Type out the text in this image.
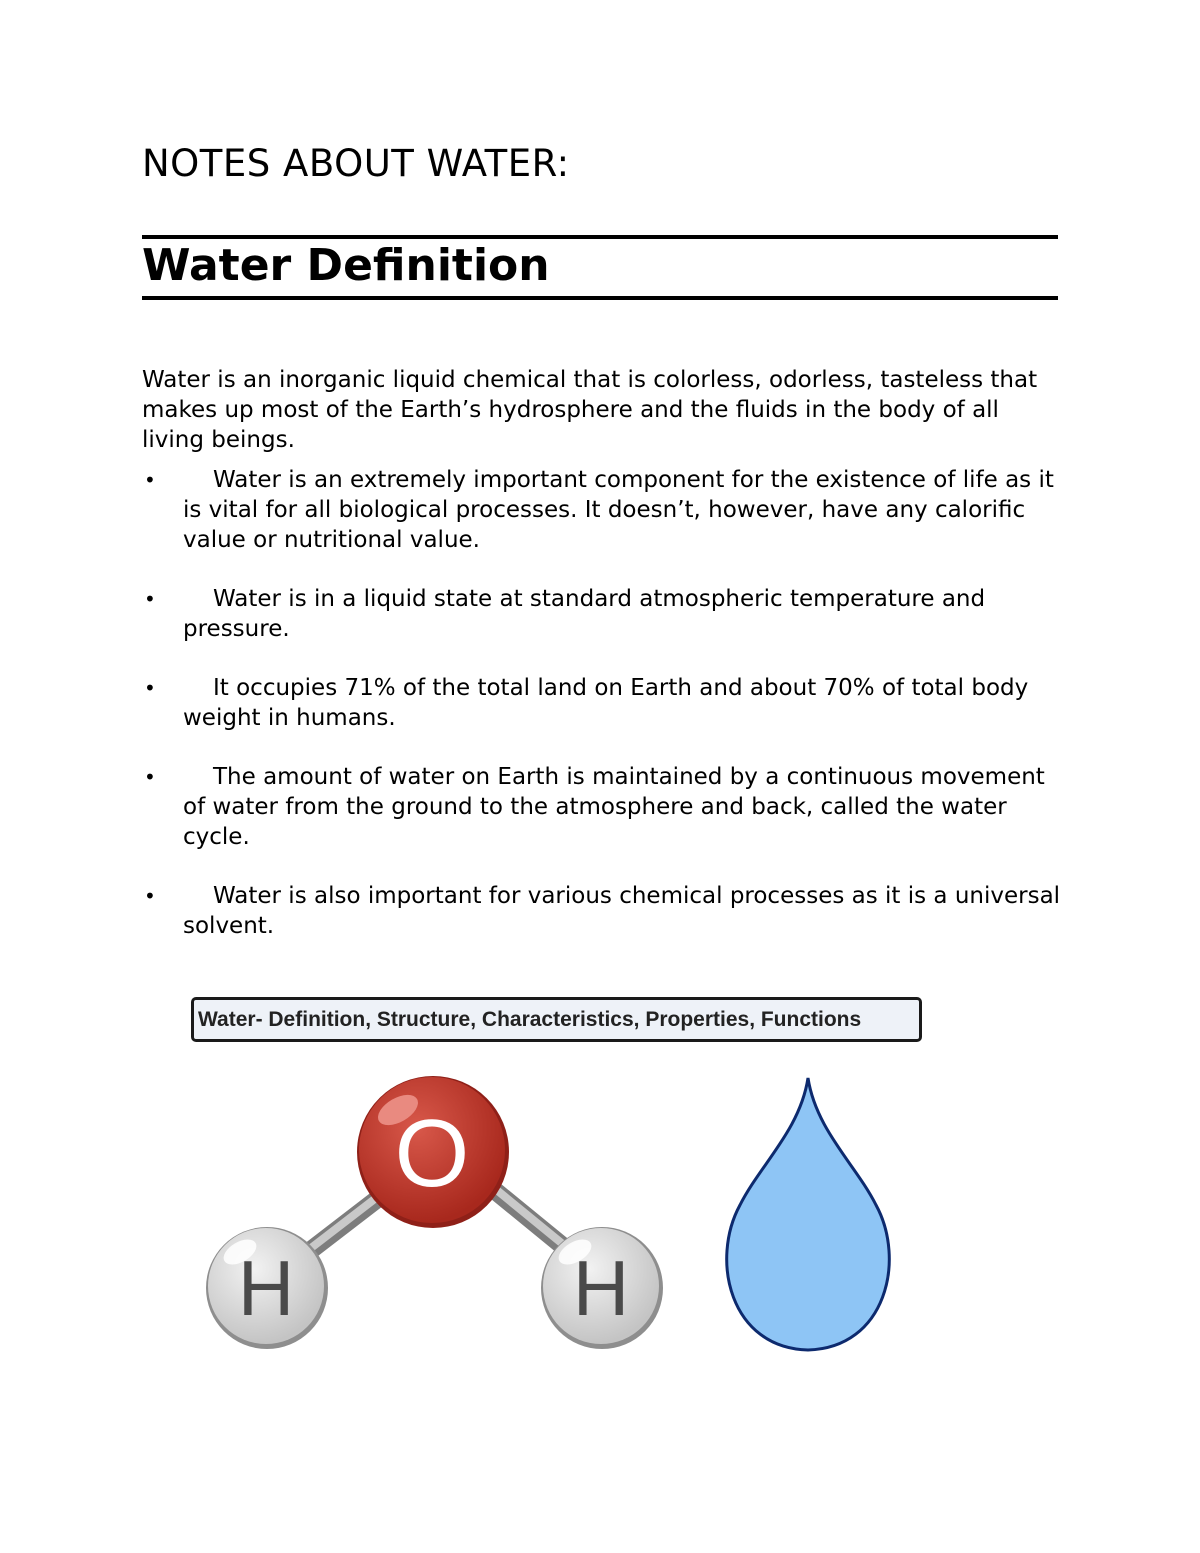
NOTES ABOUT WATER:
Water Definition

Water is an inorganic liquid chemical that is colorless, odorless, tasteless that makes up most of the Earth’s hydrosphere and the fluids in the body of all living beings.

•	Water is an extremely important component for the existence of life as it is vital for all biological processes. It doesn’t, however, have any calorific value or nutritional value.
•	Water is in a liquid state at standard atmospheric temperature and pressure.
•	It occupies 71% of the total land on Earth and about 70% of total body weight in humans.
•	The amount of water on Earth is maintained by a continuous movement of water from the ground to the atmosphere and back, called the water cycle.
•	Water is also important for various chemical processes as it is a universal solvent.
O
H	H
Water- Definition, Structure, Characteristics, Properties, Functions
